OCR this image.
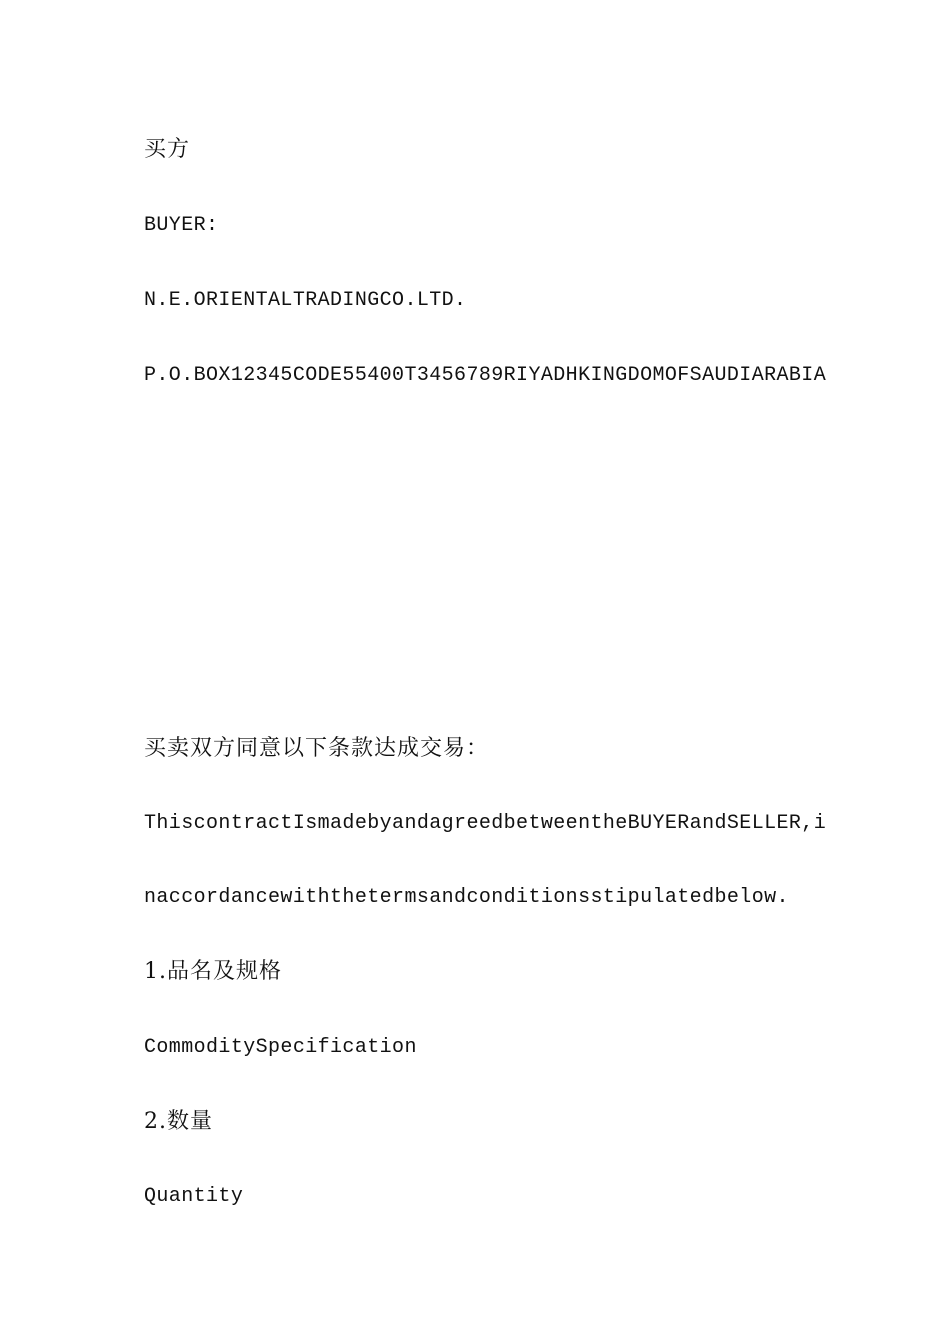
买方
BUYER:
N.E.ORIENTALTRADINGCO.LTD.
P.O.BOX12345CODE55400T3456789RIYADHKINGDOMOFSAUDIARABIA
买卖双方同意以下条款达成交易：
ThiscontractIsmadebyandagreedbetweentheBUYERandSELLER,i
naccordancewiththetermsandconditionsstipulatedbelow.
1.品名及规格
CommoditySpecification
2.数量
Quantity
